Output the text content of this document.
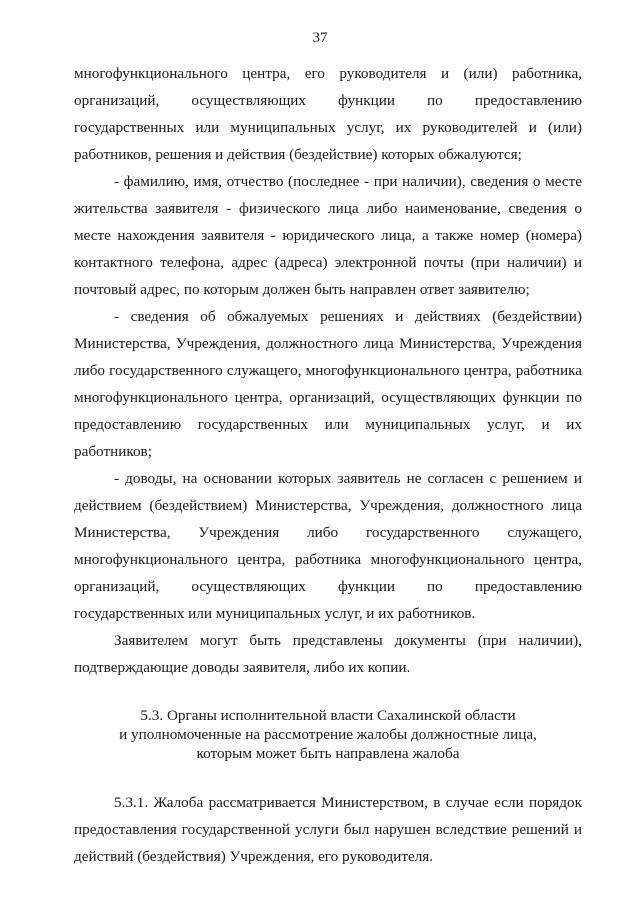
37

многофункционального центра, его руководителя и (или) работника, организаций, осуществляющих функции по предоставлению государственных или муниципальных услуг, их руководителей и (или) работников, решения и действия (бездействие) которых обжалуются;

- фамилию, имя, отчество (последнее - при наличии), сведения о месте жительства заявителя - физического лица либо наименование, сведения о месте нахождения заявителя - юридического лица, а также номер (номера) контактного телефона, адрес (адреса) электронной почты (при наличии) и почтовый адрес, по которым должен быть направлен ответ заявителю;

- сведения об обжалуемых решениях и действиях (бездействии) Министерства, Учреждения, должностного лица Министерства, Учреждения либо государственного служащего, многофункционального центра, работника многофункционального центра, организаций, осуществляющих функции по предоставлению государственных или муниципальных услуг, и их работников;

- доводы, на основании которых заявитель не согласен с решением и действием (бездействием) Министерства, Учреждения, должностного лица Министерства, Учреждения либо государственного служащего, многофункционального центра, работника многофункционального центра, организаций, осуществляющих функции по предоставлению государственных или муниципальных услуг, и их работников.

Заявителем могут быть представлены документы (при наличии), подтверждающие доводы заявителя, либо их копии.

5.3. Органы исполнительной власти Сахалинской области
и уполномоченные на рассмотрение жалобы должностные лица,
которым может быть направлена жалоба

5.3.1. Жалоба рассматривается Министерством, в случае если порядок предоставления государственной услуги был нарушен вследствие решений и действий (бездействия) Учреждения, его руководителя.
